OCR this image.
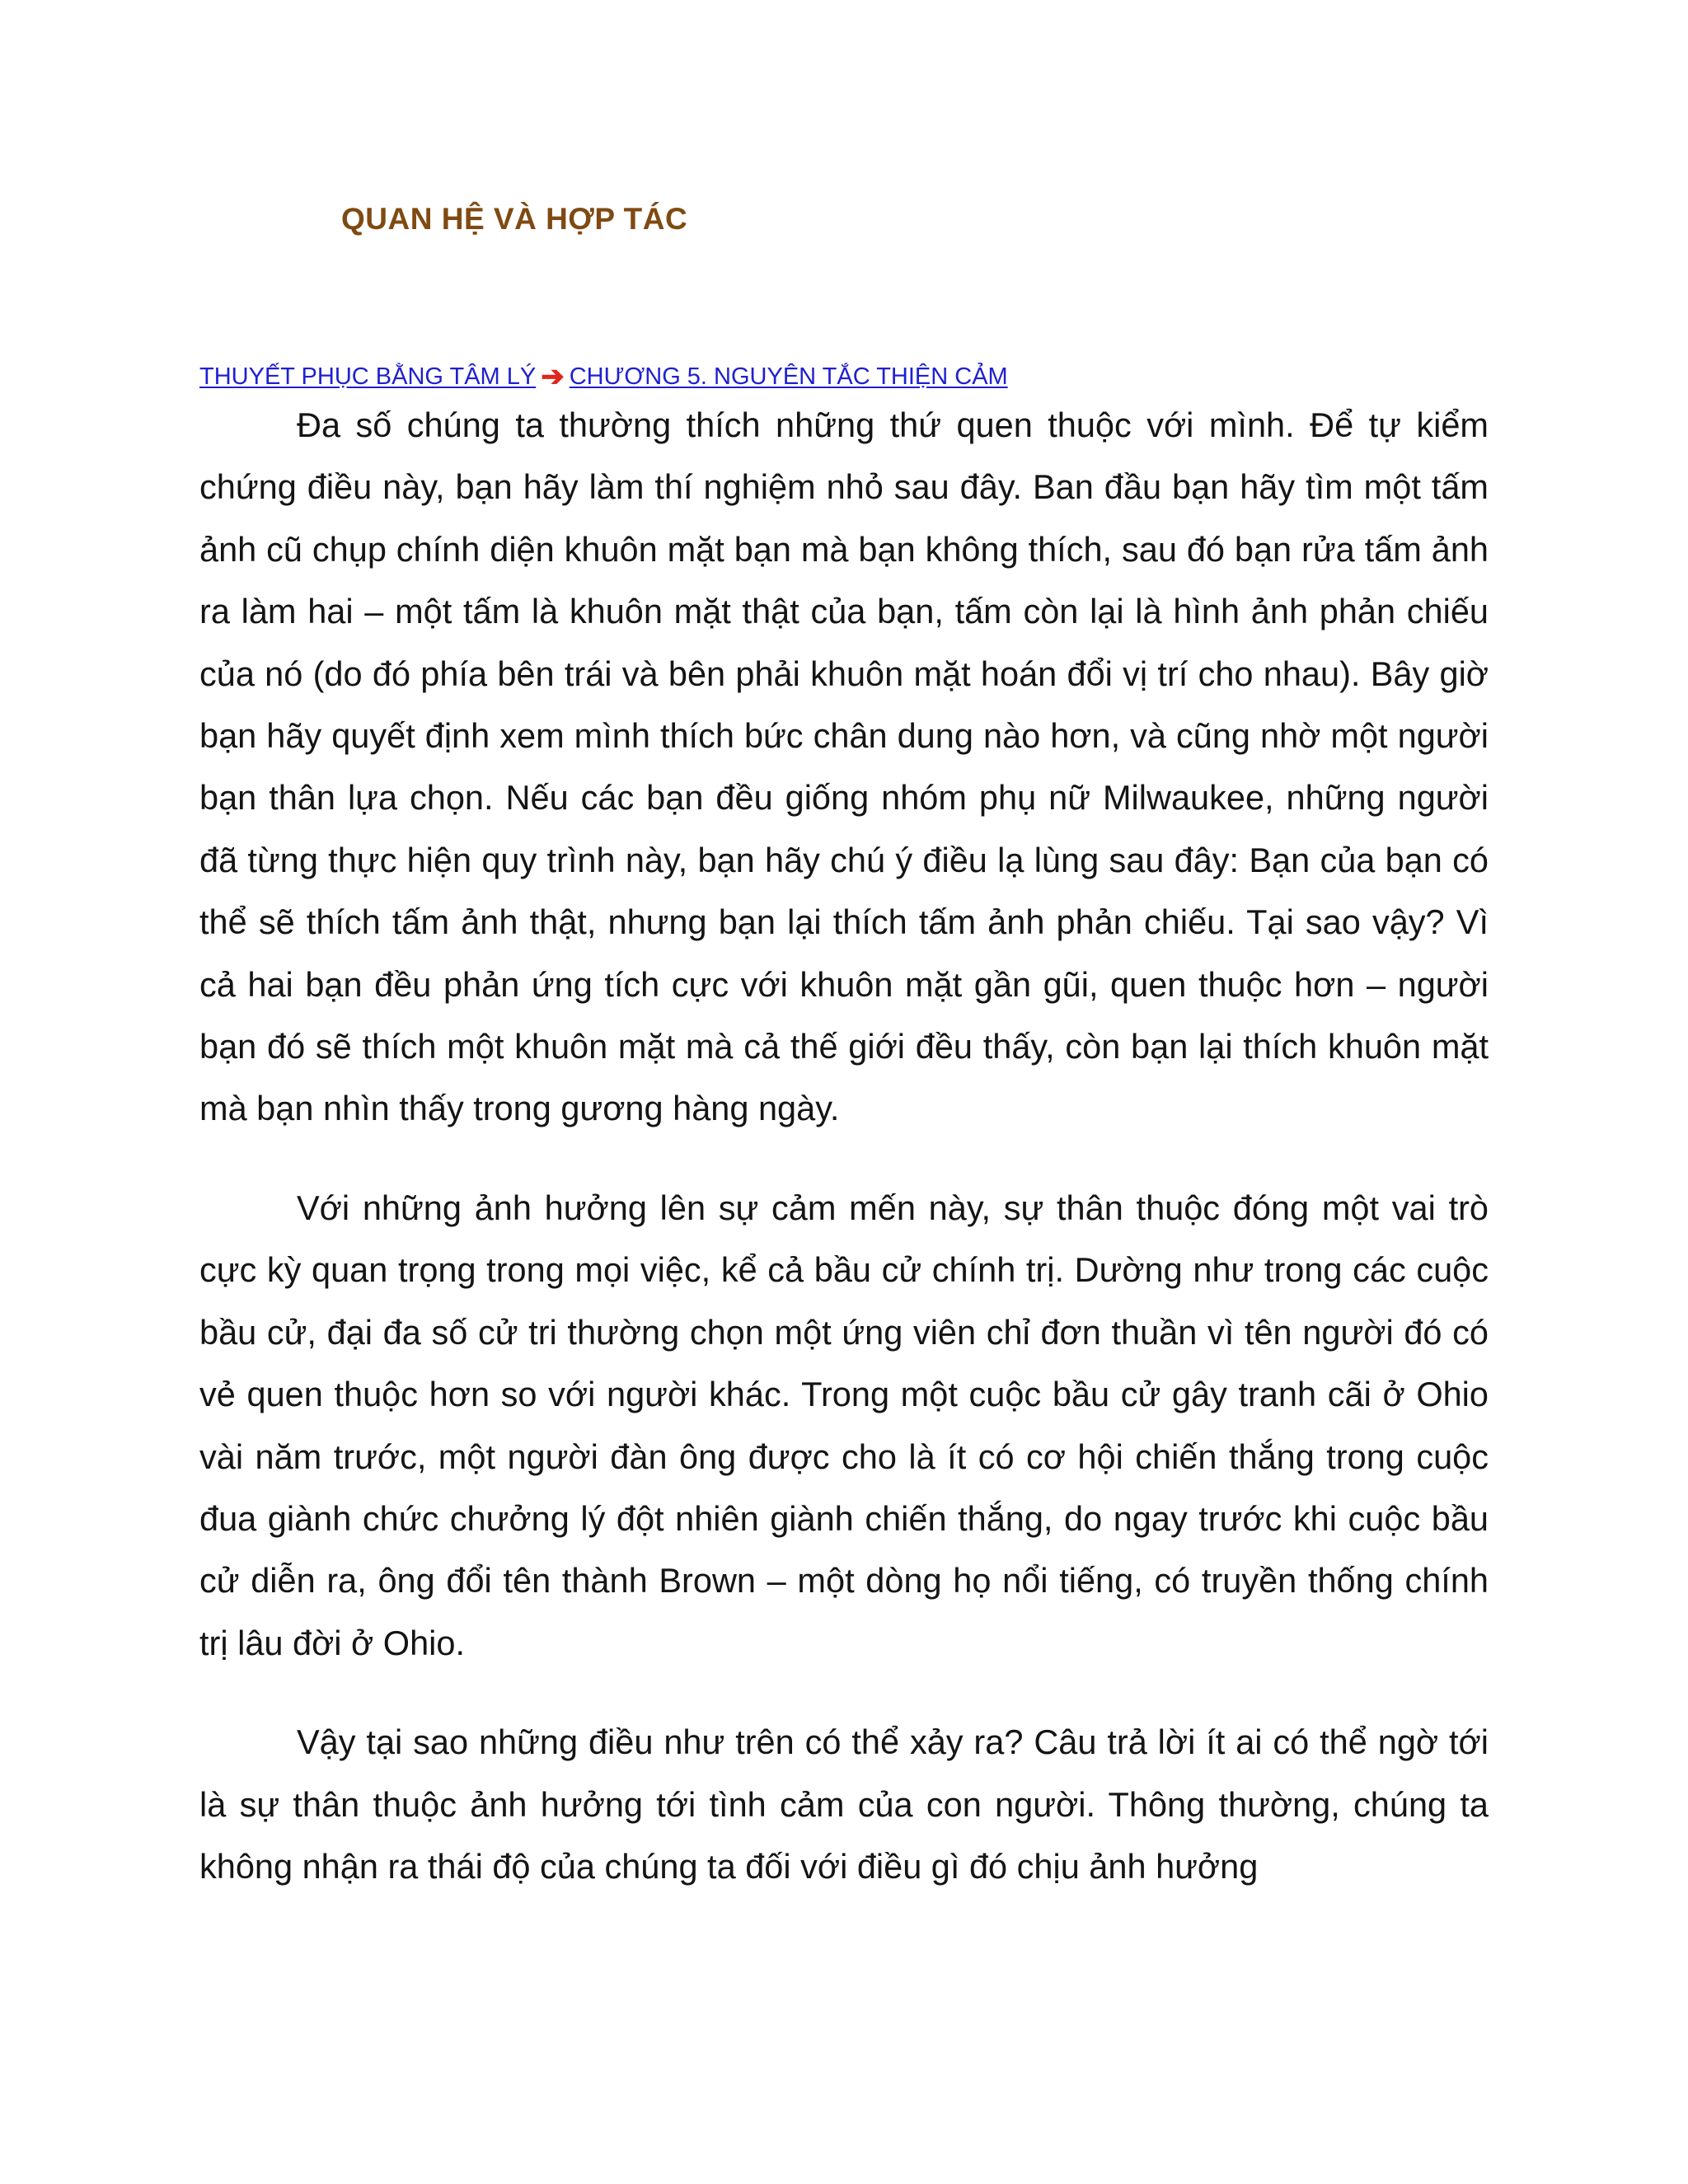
QUAN HỆ VÀ HỢP TÁC
THUYẾT PHỤC BẰNG TÂM LÝ ➔ CHƯƠNG 5. NGUYÊN TẮC THIỆN CẢM

Đa số chúng ta thường thích những thứ quen thuộc với mình. Để tự kiểm chứng điều này, bạn hãy làm thí nghiệm nhỏ sau đây. Ban đầu bạn hãy tìm một tấm ảnh cũ chụp chính diện khuôn mặt bạn mà bạn không thích, sau đó bạn rửa tấm ảnh ra làm hai – một tấm là khuôn mặt thật của bạn, tấm còn lại là hình ảnh phản chiếu của nó (do đó phía bên trái và bên phải khuôn mặt hoán đổi vị trí cho nhau). Bây giờ bạn hãy quyết định xem mình thích bức chân dung nào hơn, và cũng nhờ một người bạn thân lựa chọn. Nếu các bạn đều giống nhóm phụ nữ Milwaukee, những người đã từng thực hiện quy trình này, bạn hãy chú ý điều lạ lùng sau đây: Bạn của bạn có thể sẽ thích tấm ảnh thật, nhưng bạn lại thích tấm ảnh phản chiếu. Tại sao vậy? Vì cả hai bạn đều phản ứng tích cực với khuôn mặt gần gũi, quen thuộc hơn – người bạn đó sẽ thích một khuôn mặt mà cả thế giới đều thấy, còn bạn lại thích khuôn mặt mà bạn nhìn thấy trong gương hàng ngày.

Với những ảnh hưởng lên sự cảm mến này, sự thân thuộc đóng một vai trò cực kỳ quan trọng trong mọi việc, kể cả bầu cử chính trị. Dường như trong các cuộc bầu cử, đại đa số cử tri thường chọn một ứng viên chỉ đơn thuần vì tên người đó có vẻ quen thuộc hơn so với người khác. Trong một cuộc bầu cử gây tranh cãi ở Ohio vài năm trước, một người đàn ông được cho là ít có cơ hội chiến thắng trong cuộc đua giành chức chưởng lý đột nhiên giành chiến thắng, do ngay trước khi cuộc bầu cử diễn ra, ông đổi tên thành Brown – một dòng họ nổi tiếng, có truyền thống chính trị lâu đời ở Ohio.

Vậy tại sao những điều như trên có thể xảy ra? Câu trả lời ít ai có thể ngờ tới là sự thân thuộc ảnh hưởng tới tình cảm của con người. Thông thường, chúng ta không nhận ra thái độ của chúng ta đối với điều gì đó chịu ảnh hưởng
